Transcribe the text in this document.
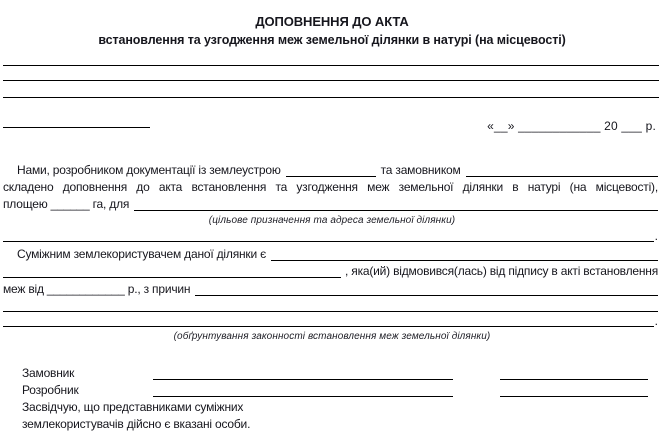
ДОПОВНЕННЯ ДО АКТА
встановлення та узгодження меж земельної ділянки в натурі (на місцевості)
«__» ____________ 20 ___ р.
Нами, розробником документації із землеустрою	та замовником
складено доповнення до акта встановлення та узгодження меж земельної ділянки в натурі (на місцевості),
площею ______ га, для
(цільове призначення та адреса земельної ділянки)
.
Суміжним землекористувачем даної ділянки є
, яка(ий) відмовився(лась) від підпису в акті встановлення
меж від ____________ р., з причин
.
(обґрунтування законності встановлення меж земельної ділянки)
Замовник
Розробник
Засвідчую, що представниками суміжних
землекористувачів дійсно є вказані особи.
